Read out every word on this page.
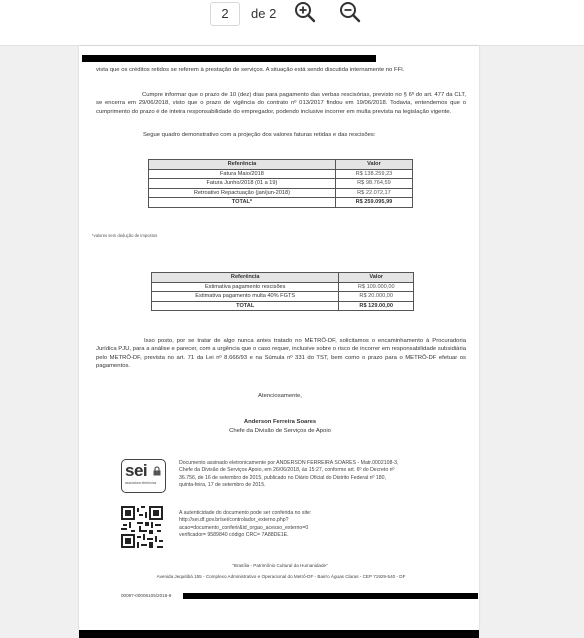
2	de 2
vista que os créditos retidos se referem à prestação de serviços. A situação está sendo discutida internamente no FFI.
Cumpre informar que o prazo de 10 (dez) dias para pagamento das verbas rescisórias, previsto no § 6º do art. 477 da CLT, se encerra em 29/06/2018, visto que o prazo de vigência do contrato nº 013/2017 findou em 19/06/2018. Todavia, entendemos que o cumprimento do prazo é de inteira responsabilidade do empregador, podendo inclusive incorrer em multa prevista na legislação vigente.
Segue quadro demonstrativo com a projeção dos valores faturas retidas e das rescisões:
Referência	Valor
Fatura Maio/2018	R$ 138.259,23
Fatura Junho/2018 (01 a 19)	R$ 98.764,59
Retroativo Repactuação (jan/jun-2018)	R$ 22.072,17
TOTAL*	R$ 259.095,99
*valores sem dedução de impostos
Referência	Valor
Estimativa pagamento rescisões	R$ 109.000,00
Estimativa pagamento multa 40% FGTS	R$ 20.000,00
TOTAL	R$ 129.00,00
Isso posto, por se tratar de algo nunca antes tratado no METRÔ-DF, solicitamos o encaminhamento à Procuradoria Jurídica PJU, para a análise e parecer, com a urgência que o caso requer, inclusive sobre o risco de incorrer em responsabilidade subsidiária pelo METRÔ-DF, prevista no art. 71 da Lei nº 8.666/93 e na Súmula nº 331 do TST, bem como o prazo para o METRÔ-DF efetuar os pagamentos.
Atenciosamente,
Anderson Ferreira Soares
Chefe da Divisão de Serviços de Apoio
sei
assinatura eletrônica
Documento assinado eletronicamente por ANDERSON FERREIRA SOARES - Matr.0002108-3,
Chefe da Divisão de Serviços Apoio, em 26/06/2018, às 15:27, conforme art. 6º do Decreto nº
36.756, de 16 de setembro de 2015, publicado no Diário Oficial do Distrito Federal nº 180,
quinta-feira, 17 de setembro de 2015.
A autenticidade do documento pode ser conferida no site:
http://sei.df.gov.br/sei/controlador_externo.php?
acao=documento_conferir&id_orgao_acesso_externo=0
verificador= 9589840 código CRC= 7A88DE1E.
"Brasília - Patrimônio Cultural da Humanidade"
Avenida Jequitibá 155 - Complexo Administrativo e Operacional do Metrô-DF - Bairro Águas Claras - CEP 71929-540 - DF
00097-00006105/2018-9
